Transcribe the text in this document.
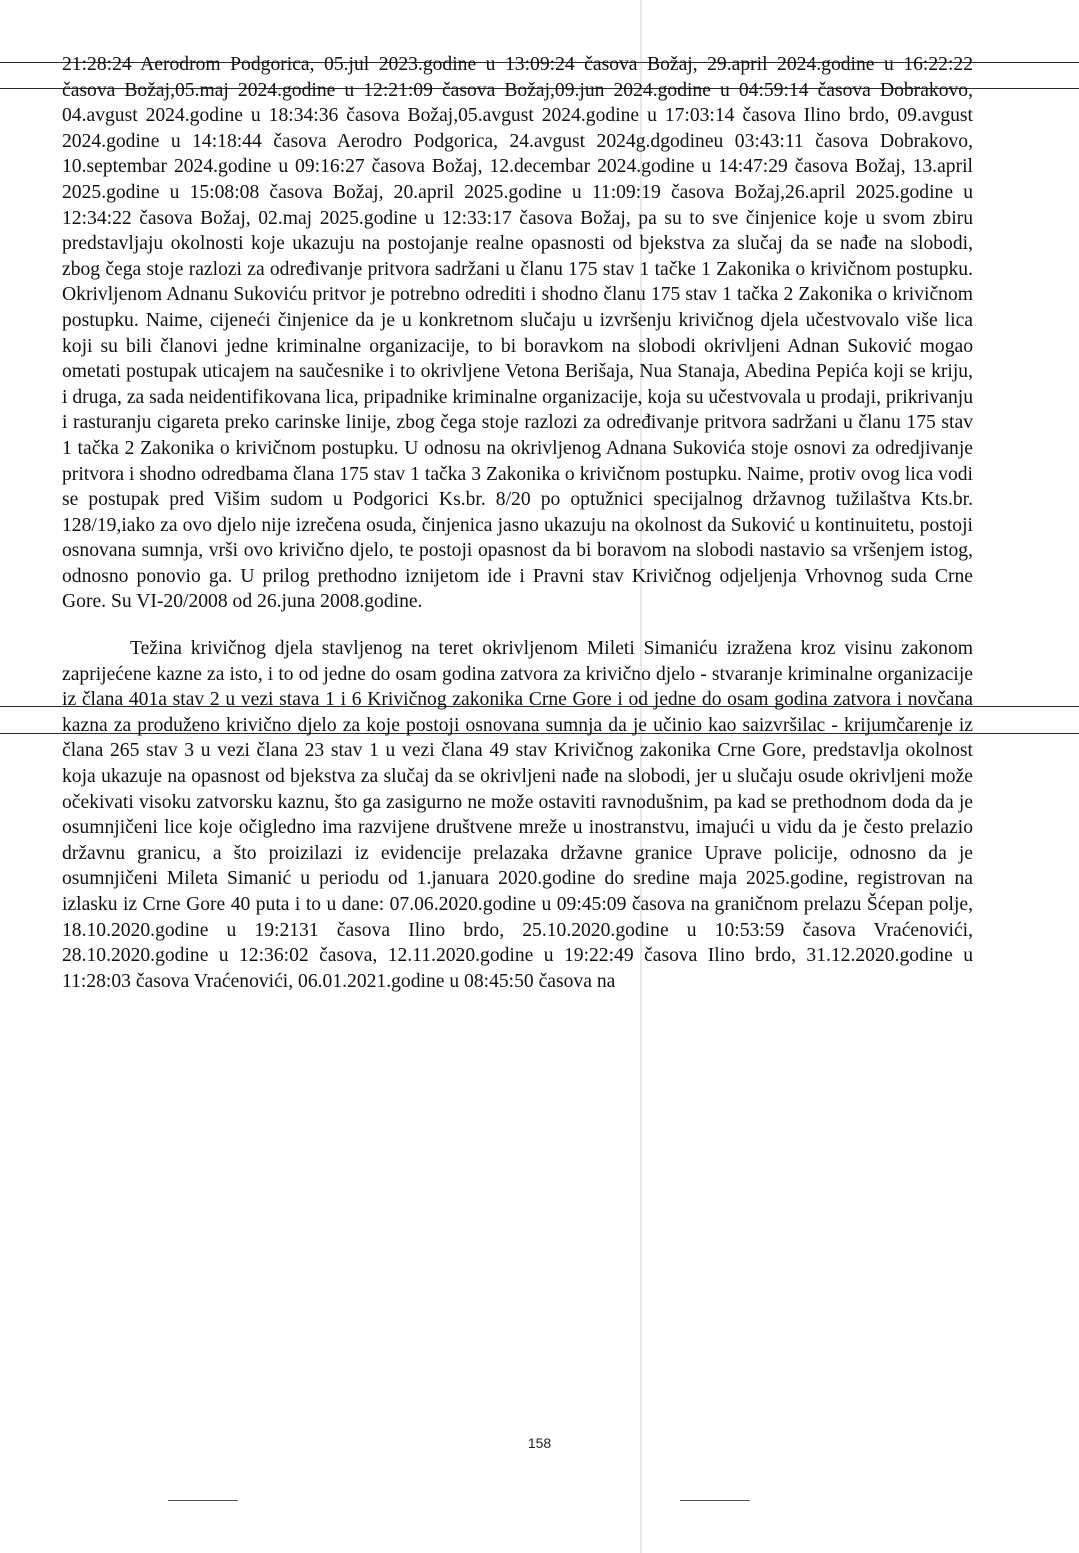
21:28:24 Aerodrom Podgorica, 05.jul 2023.godine u 13:09:24 časova Božaj, 29.april 2024.godine u 16:22:22 časova Božaj,05.maj 2024.godine u 12:21:09 časova Božaj,09.jun 2024.godine u 04:59:14 časova Dobrakovo, 04.avgust 2024.godine u 18:34:36 časova Božaj,05.avgust 2024.godine u 17:03:14 časova Ilino brdo, 09.avgust 2024.godine u 14:18:44 časova Aerodro Podgorica, 24.avgust 2024g.dgodineu 03:43:11 časova Dobrakovo, 10.septembar 2024.godine u 09:16:27 časova Božaj, 12.decembar 2024.godine u 14:47:29 časova Božaj, 13.april 2025.godine u 15:08:08 časova Božaj, 20.april 2025.godine u 11:09:19 časova Božaj,26.april 2025.godine u 12:34:22 časova Božaj, 02.maj 2025.godine u 12:33:17 časova Božaj, pa su to sve činjenice koje u svom zbiru predstavljaju okolnosti koje ukazuju na postojanje realne opasnosti od bjekstva za slučaj da se nađe na slobodi, zbog čega stoje razlozi za određivanje pritvora sadržani u članu 175 stav 1 tačke 1 Zakonika o krivičnom postupku. Okrivljenom Adnanu Sukoviću pritvor je potrebno odrediti i shodno članu 175 stav 1 tačka 2 Zakonika o krivičnom postupku. Naime, cijeneći činjenice da je u konkretnom slučaju u izvršenju krivičnog djela učestvovalo više lica koji su bili članovi jedne kriminalne organizacije, to bi boravkom na slobodi okrivljeni Adnan Suković mogao ometati postupak uticajem na saučesnike i to okrivljene Vetona Berišaja, Nua Stanaja, Abedina Pepića koji se kriju, i druga, za sada neidentifikovana lica, pripadnike kriminalne organizacije, koja su učestvovala u prodaji, prikrivanju i rasturanju cigareta preko carinske linije, zbog čega stoje razlozi za određivanje pritvora sadržani u članu 175 stav 1 tačka 2 Zakonika o krivičnom postupku. U odnosu na okrivljenog Adnana Sukovića stoje osnovi za odredjivanje pritvora i shodno odredbama člana 175 stav 1 tačka 3 Zakonika o krivičnom postupku. Naime, protiv ovog lica vodi se postupak pred Višim sudom u Podgorici Ks.br. 8/20 po optužnici specijalnog državnog tužilaštva Kts.br. 128/19,iako za ovo djelo nije izrečena osuda, činjenica jasno ukazuju na okolnost da Suković u kontinuitetu, postoji osnovana sumnja, vrši ovo krivično djelo, te postoji opasnost da bi boravom na slobodi nastavio sa vršenjem istog, odnosno ponovio ga. U prilog prethodno iznijetom ide i Pravni stav Krivičnog odjeljenja Vrhovnog suda Crne Gore. Su VI-20/2008 od 26.juna 2008.godine.

Težina krivičnog djela stavljenog na teret okrivljenom Mileti Simaniću izražena kroz visinu zakonom zaprijećene kazne za isto, i to od jedne do osam godina zatvora za krivično djelo - stvaranje kriminalne organizacije iz člana 401a stav 2 u vezi stava 1 i 6 Krivičnog zakonika Crne Gore i od jedne do osam godina zatvora i novčana kazna za produženo krivično djelo za koje postoji osnovana sumnja da je učinio kao saizvršilac - krijumčarenje iz člana 265 stav 3 u vezi člana 23 stav 1 u vezi člana 49 stav Krivičnog zakonika Crne Gore, predstavlja okolnost koja ukazuje na opasnost od bjekstva za slučaj da se okrivljeni nađe na slobodi, jer u slučaju osude okrivljeni može očekivati visoku zatvorsku kaznu, što ga zasigurno ne može ostaviti ravnodušnim, pa kad se prethodnom doda da je osumnjičeni lice koje očigledno ima razvijene društvene mreže u inostranstvu, imajući u vidu da je često prelazio državnu granicu, a što proizilazi iz evidencije prelazaka državne granice Uprave policije, odnosno da je osumnjičeni Mileta Simanić u periodu od 1.januara 2020.godine do sredine maja 2025.godine, registrovan na izlasku iz Crne Gore 40 puta i to u dane: 07.06.2020.godine u 09:45:09 časova na graničnom prelazu Šćepan polje, 18.10.2020.godine u 19:2131 časova Ilino brdo, 25.10.2020.godine u 10:53:59 časova Vraćenovići, 28.10.2020.godine u 12:36:02 časova, 12.11.2020.godine u 19:22:49 časova Ilino brdo, 31.12.2020.godine u 11:28:03 časova Vraćenovići, 06.01.2021.godine u 08:45:50 časova na

158
